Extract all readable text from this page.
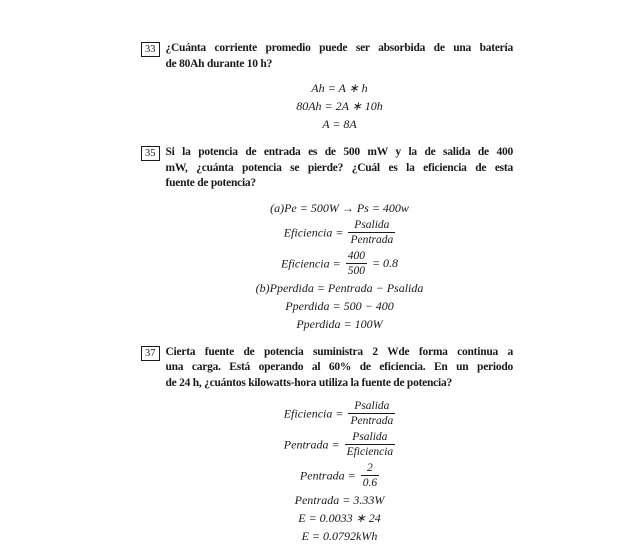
33 ¿Cuánta corriente promedio puede ser absorbida de una batería
de 80Ah durante 10 h?
Ah = A ∗ h
80Ah = 2A ∗ 10h
A = 8A
35 Si la potencia de entrada es de 500 mW y la de salida de 400
mW, ¿cuánta potencia se pierde? ¿Cuál es la eficiencia de esta
fuente de potencia?
(a)Pe = 500W → Ps = 400w
Eficiencia = $\frac{\text{Psalida}}{\text{Pentrada}}$
Eficiencia = $\frac{400}{500} = 0.8$
(b)Pperdida = Pentrada − Psalida
Pperdida = 500 − 400
Pperdida = 100W
37 Cierta fuente de potencia suministra 2 Wde forma continua a
una carga. Está operando al 60% de eficiencia. En un periodo
de 24 h, ¿cuántos kilowatts-hora utiliza la fuente de potencia?
Eficiencia = $\frac{\text{Psalida}}{\text{Pentrada}}$
Pentrada = $\frac{\text{Psalida}}{\text{Eficiencia}}$
Pentrada = $\frac{2}{0.6}$
Pentrada = 3.33W
E = 0.0033 ∗ 24
E = 0.0792kWh
